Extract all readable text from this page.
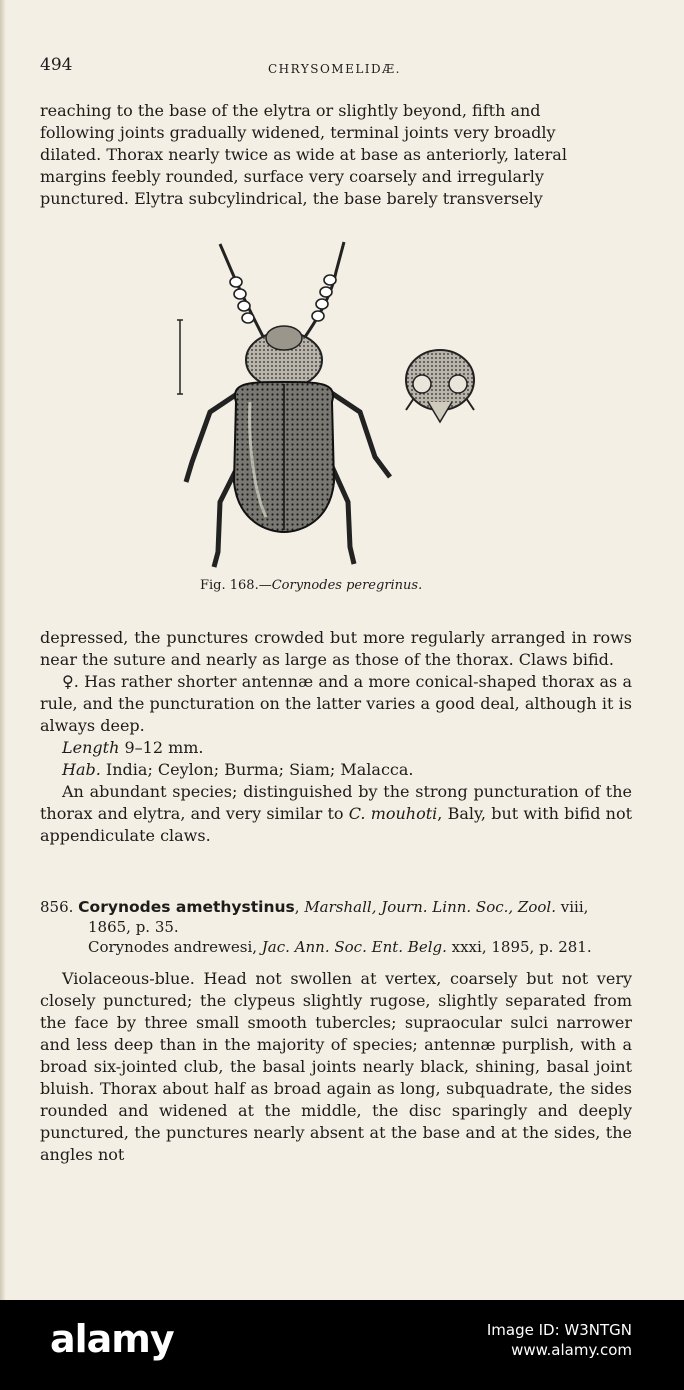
494	CHRYSOMELIDÆ.

reaching to the base of the elytra or slightly beyond, fifth and

following joints gradually widened, terminal joints very broadly

dilated. Thorax nearly twice as wide at base as anteriorly, lateral

margins feebly rounded, surface very coarsely and irregularly

punctured. Elytra subcylindrical, the base barely transversely

Fig. 168.—Corynodes peregrinus.

depressed, the punctures crowded but more regularly arranged in rows near the suture and nearly as large as those of the thorax. Claws bifid.

♀. Has rather shorter antennæ and a more conical-shaped thorax as a rule, and the puncturation on the latter varies a good deal, although it is always deep.

Length 9–12 mm.

Hab. India; Ceylon; Burma; Siam; Malacca.

An abundant species; distinguished by the strong puncturation of the thorax and elytra, and very similar to C. mouhoti, Baly, but with bifid not appendiculate claws.

856. Corynodes amethystinus, Marshall, Journ. Linn. Soc., Zool. viii,
1865, p. 35.
Corynodes andrewesi, Jac. Ann. Soc. Ent. Belg. xxxi, 1895, p. 281.

Violaceous-blue. Head not swollen at vertex, coarsely but not very closely punctured; the clypeus slightly rugose, slightly separated from the face by three small smooth tubercles; supraocular sulci narrower and less deep than in the majority of species; antennæ purplish, with a broad six-jointed club, the basal joints nearly black, shining, basal joint bluish. Thorax about half as broad again as long, subquadrate, the sides rounded and widened at the middle, the disc sparingly and deeply punctured, the punctures nearly absent at the base and at the sides, the angles not

alamy	Image ID: W3NTGN
www.alamy.com
